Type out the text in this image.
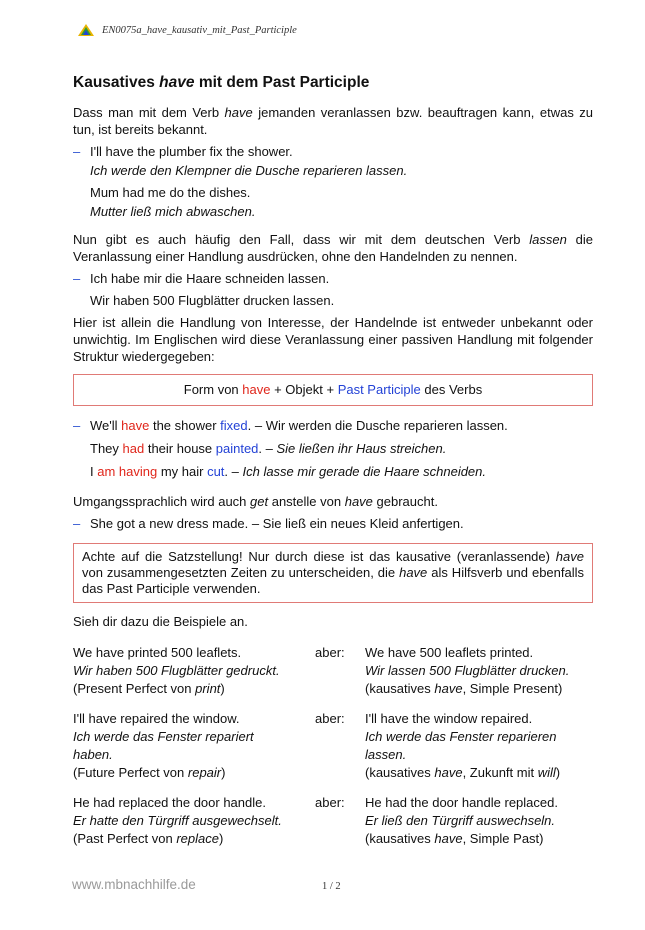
EN0075a_have_kausativ_mit_Past_Participle
Kausatives have mit dem Past Participle

Dass man mit dem Verb have jemanden veranlassen bzw. beauftragen kann, etwas zu tun, ist bereits bekannt.

– I'll have the plumber fix the shower.
Ich werde den Klempner die Dusche reparieren lassen.
Mum had me do the dishes.
Mutter ließ mich abwaschen.

Nun gibt es auch häufig den Fall, dass wir mit dem deutschen Verb lassen die Veranlassung einer Handlung ausdrücken, ohne den Handelnden zu nennen.

– Ich habe mir die Haare schneiden lassen.
Wir haben 500 Flugblätter drucken lassen.

Hier ist allein die Handlung von Interesse, der Handelnde ist entweder unbekannt oder unwichtig. Im Englischen wird diese Veranlassung einer passiven Handlung mit folgender Struktur wiedergegeben:

Form von have + Objekt + Past Participle des Verbs
– We'll have the shower fixed. – Wir werden die Dusche reparieren lassen.
They had their house painted. – Sie ließen ihr Haus streichen.
I am having my hair cut. – Ich lasse mir gerade die Haare schneiden.

Umgangssprachlich wird auch get anstelle von have gebraucht.

– She got a new dress made. – Sie ließ ein neues Kleid anfertigen.
Achte auf die Satzstellung! Nur durch diese ist das kausative (veranlassende) have von zusammengesetzten Zeiten zu unterscheiden, die have als Hilfsverb und ebenfalls das Past Participle verwenden.

Sieh dir dazu die Beispiele an.

We have printed 500 leaflets.
Wir haben 500 Flugblätter gedruckt.
(Present Perfect von print)
aber:	We have 500 leaflets printed.
Wir lassen 500 Flugblätter drucken.
(kausatives have, Simple Present)
I'll have repaired the window.
Ich werde das Fenster repariert haben.
(Future Perfect von repair)
aber:	I'll have the window repaired.
Ich werde das Fenster reparieren lassen.
(kausatives have, Zukunft mit will)
He had replaced the door handle.
Er hatte den Türgriff ausgewechselt.
(Past Perfect von replace)
aber:	He had the door handle replaced.
Er ließ den Türgriff auswechseln.
(kausatives have, Simple Past)
www.mbnachhilfe.de	1 / 2
